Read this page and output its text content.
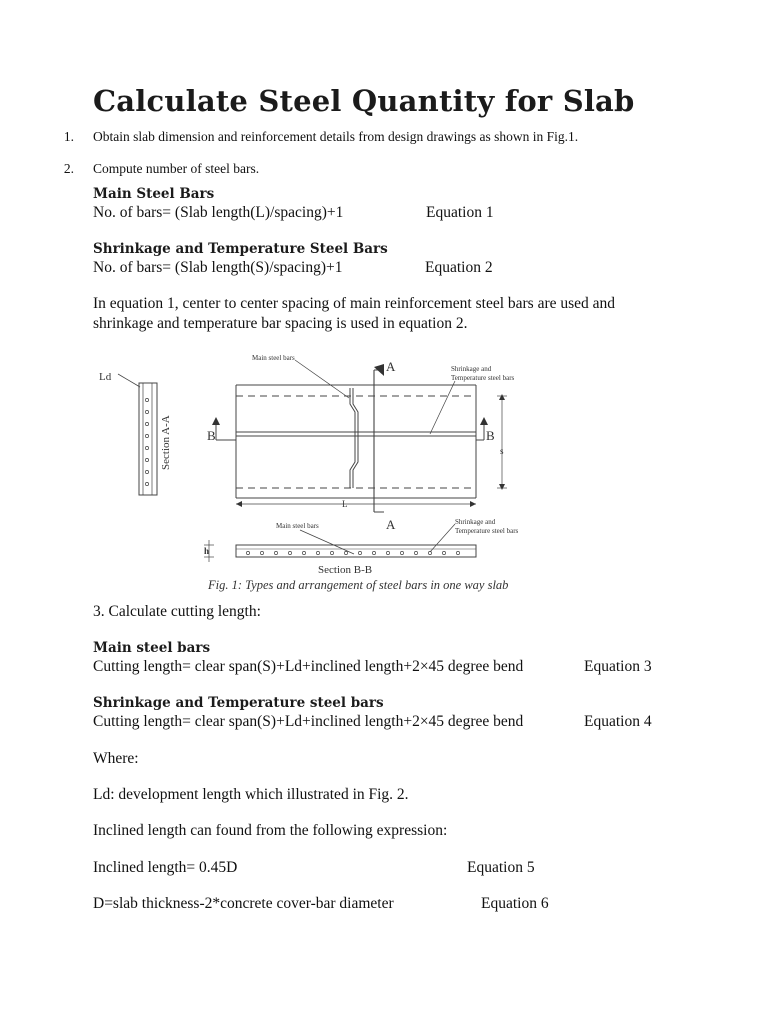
Calculate Steel Quantity for Slab
1. Obtain slab dimension and reinforcement details from design drawings as shown in Fig.1.
2. Compute number of steel bars.
Main Steel Bars
No. of bars= (Slab length(L)/spacing)+1	Equation 1
Shrinkage and Temperature Steel Bars
No. of bars= (Slab length(S)/spacing)+1	Equation 2
In equation 1, center to center spacing of main reinforcement steel bars are used and
shrinkage and temperature bar spacing is used in equation 2.
Ld
Section A-A
Main steel bars
A	Shrinkage and
Temperature steel bars
B	B
s
L
A
h
Main steel bars	Shrinkage and
Temperature steel bars
Section B-B
Fig. 1: Types and arrangement of steel bars in one way slab
3. Calculate cutting length:
Main steel bars
Cutting length= clear span(S)+Ld+inclined length+2×45 degree bend	Equation 3
Shrinkage and Temperature steel bars
Cutting length= clear span(S)+Ld+inclined length+2×45 degree bend	Equation 4
Where:
Ld: development length which illustrated in Fig. 2.
Inclined length can found from the following expression:
Inclined length= 0.45D	Equation 5
D=slab thickness-2*concrete cover-bar diameter	Equation 6
